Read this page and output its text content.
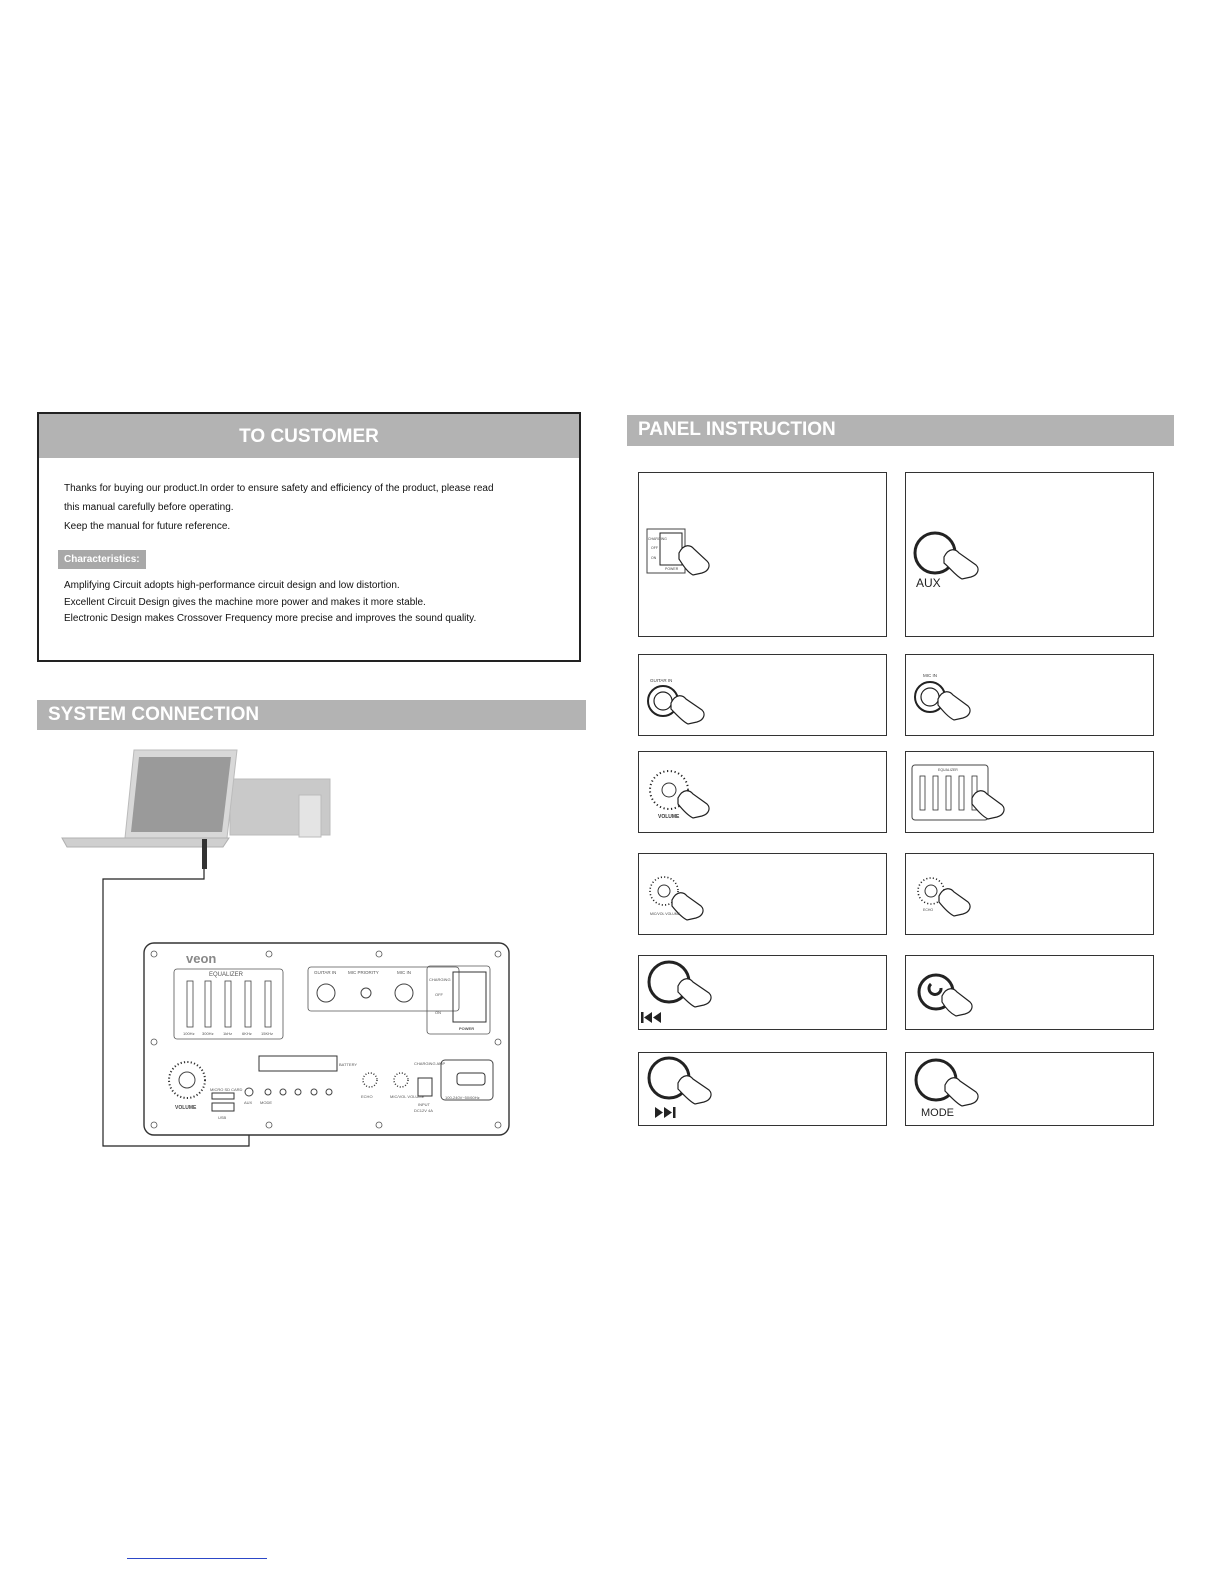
TO CUSTOMER

Thanks for buying our product.In order to ensure safety and efficiency of the product, please read

this manual carefully before operating.

Keep the manual for future reference.

Characteristics:

Amplifying Circuit adopts high-performance circuit design and low distortion.

Excellent Circuit Design gives the machine more power and makes it more stable.

Electronic Design makes Crossover Frequency more precise and improves the sound quality.

SYSTEM CONNECTION
veon
EQUALIZER
100Hz 300Hz 1kHz 6KHz 15KHz
GUITAR IN	MIC PRIORITY	MIC IN
CHARGING
OFF
ON
POWER
VOLUME
MICRO SD CARD
USB
BATTERY
AUX MODE
ECHO	MIC/VOL VOLUME
CHARGING AMP
INPUT
DC12V 4A
100-240V~50/60Hz
PANEL INSTRUCTION
CHARGING
OFF
ON
POWER
AUX
GUITAR IN
MIC IN
VOLUME
EQUALIZER
MIC/VOL VOLUME
ECHO
MODE
